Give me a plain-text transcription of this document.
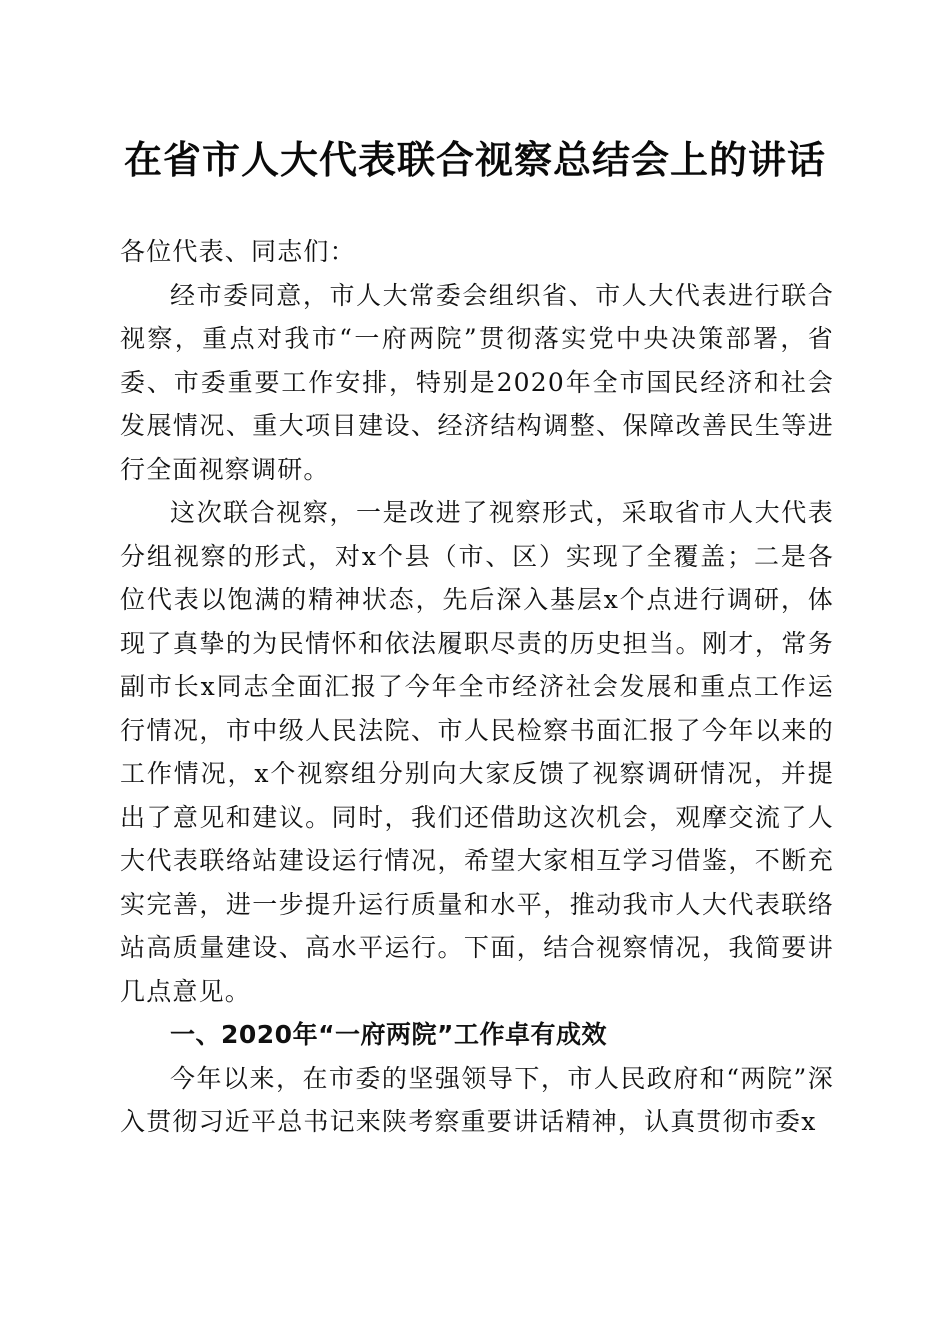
在省市人大代表联合视察总结会上的讲话

各位代表、同志们：

经市委同意，市人大常委会组织省、市人大代表进行联合视察，重点对我市“一府两院”贯彻落实党中央决策部署，省委、市委重要工作安排，特别是2020年全市国民经济和社会发展情况、重大项目建设、经济结构调整、保障改善民生等进行全面视察调研。

这次联合视察，一是改进了视察形式，采取省市人大代表分组视察的形式，对x个县（市、区）实现了全覆盖；二是各位代表以饱满的精神状态，先后深入基层x个点进行调研，体现了真挚的为民情怀和依法履职尽责的历史担当。刚才，常务副市长x同志全面汇报了今年全市经济社会发展和重点工作运行情况，市中级人民法院、市人民检察书面汇报了今年以来的工作情况，x个视察组分别向大家反馈了视察调研情况，并提出了意见和建议。同时，我们还借助这次机会，观摩交流了人大代表联络站建设运行情况，希望大家相互学习借鉴，不断充实完善，进一步提升运行质量和水平，推动我市人大代表联络站高质量建设、高水平运行。下面，结合视察情况，我简要讲几点意见。

一、2020年“一府两院”工作卓有成效

今年以来，在市委的坚强领导下，市人民政府和“两院”深入贯彻习近平总书记来陕考察重要讲话精神，认真贯彻市委x
